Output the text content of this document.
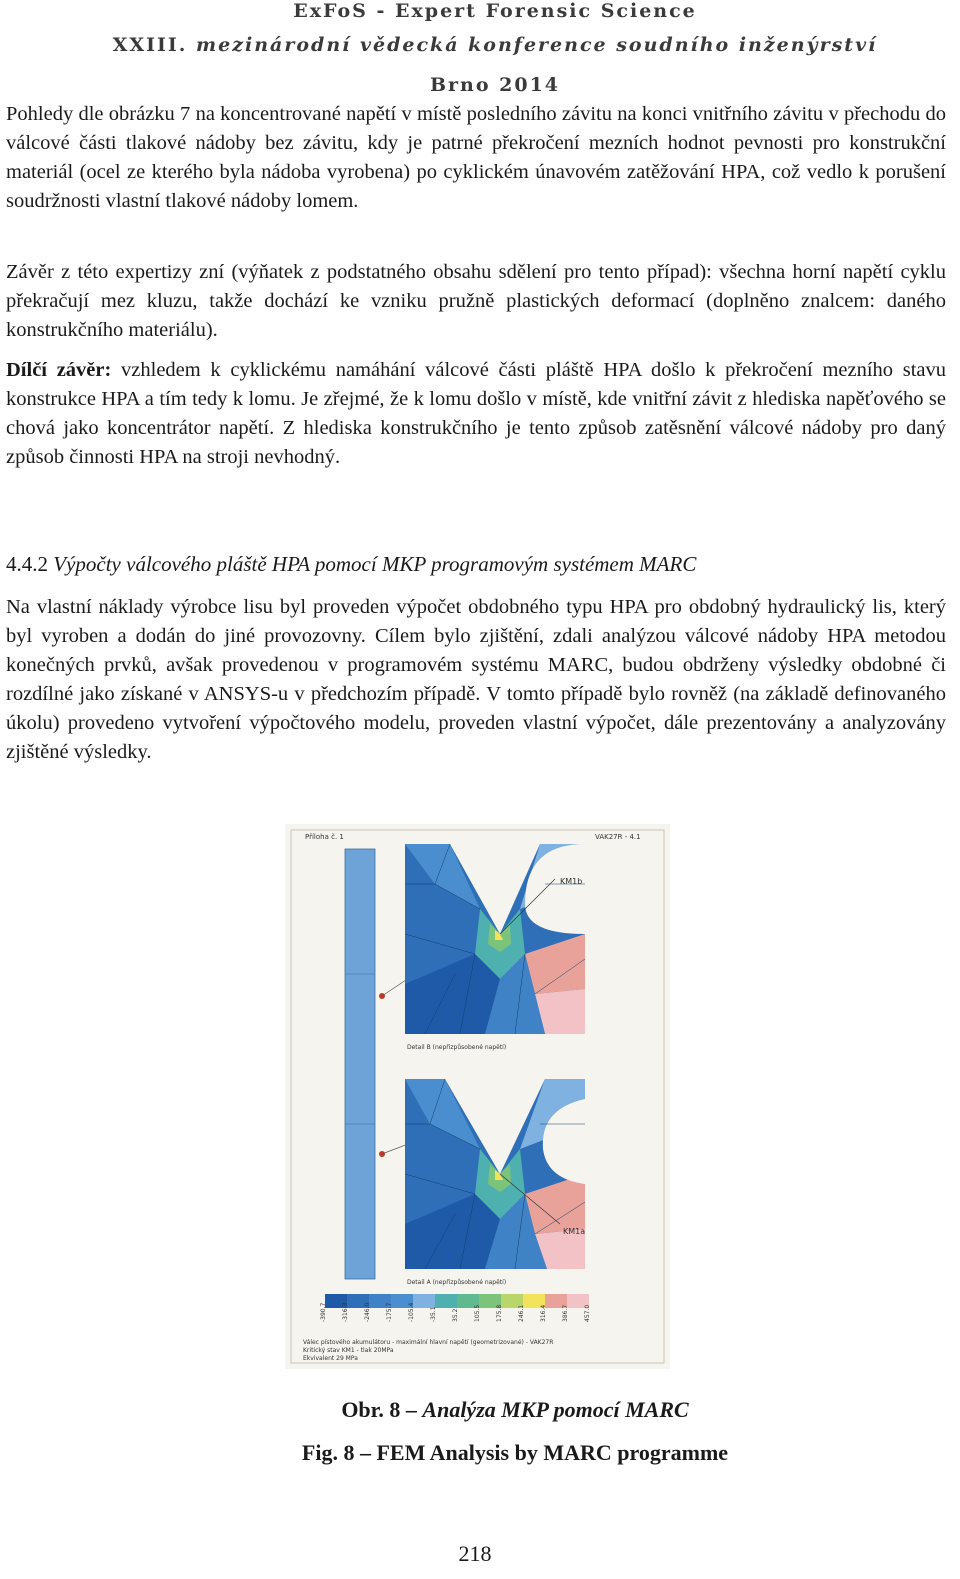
ExFoS - Expert Forensic Science
XXIII. mezinárodní vědecká konference soudního inženýrství
Brno 2014

Pohledy dle obrázku 7 na koncentrované napětí v místě posledního závitu na konci vnitřního závitu v přechodu do válcové části tlakové nádoby bez závitu, kdy je patrné překročení mezních hodnot pevnosti pro konstrukční materiál (ocel ze kterého byla nádoba vyrobena) po cyklickém únavovém zatěžování HPA, což vedlo k porušení soudržnosti vlastní tlakové nádoby lomem.

Závěr z této expertizy zní (výňatek z podstatného obsahu sdělení pro tento případ): všechna horní napětí cyklu překračují mez kluzu, takže dochází ke vzniku pružně plastických deformací (doplněno znalcem: daného konstrukčního materiálu).

Dílčí závěr: vzhledem k cyklickému namáhání válcové části pláště HPA došlo k překročení mezního stavu konstrukce HPA a tím tedy k lomu. Je zřejmé, že k lomu došlo v místě, kde vnitřní závit z hlediska napěťového se chová jako koncentrátor napětí. Z hlediska konstrukčního je tento způsob zatěsnění válcové nádoby pro daný způsob činnosti HPA na stroji nevhodný.

4.4.2 Výpočty válcového pláště HPA pomocí MKP programovým systémem MARC

Na vlastní náklady výrobce lisu byl proveden výpočet obdobného typu HPA pro obdobný hydraulický lis, který byl vyroben a dodán do jiné provozovny. Cílem bylo zjištění, zdali analýzou válcové nádoby HPA metodou konečných prvků, avšak provedenou v programovém systému MARC, budou obdrženy výsledky obdobné či rozdílné jako získané v ANSYS-u v předchozím případě. V tomto případě bylo rovněž (na základě definovaného úkolu) provedeno vytvoření výpočtového modelu, proveden vlastní výpočet, dále prezentovány a analyzovány zjištěné výsledky.

-390.7	-316.3	-246.0	-175.7	-105.4	-35.1	35.2	105.5	175.8	246.1	316.4	386.7	457.0
Válec pístového akumulátoru - maximální hlavní napětí (geometrizované) - VAK27R
Kritický stav KM1 - tlak 20MPa
Ekvivalent 29 MPa
Příloha č. 1	VAK27R - 4.1
KM1b
KM1a
Detail B (nepřizpůsobené napětí)
Detail A (nepřizpůsobené napětí)
Obr. 8 – Analýza MKP pomocí MARC
Fig. 8 – FEM Analysis by MARC programme
218
